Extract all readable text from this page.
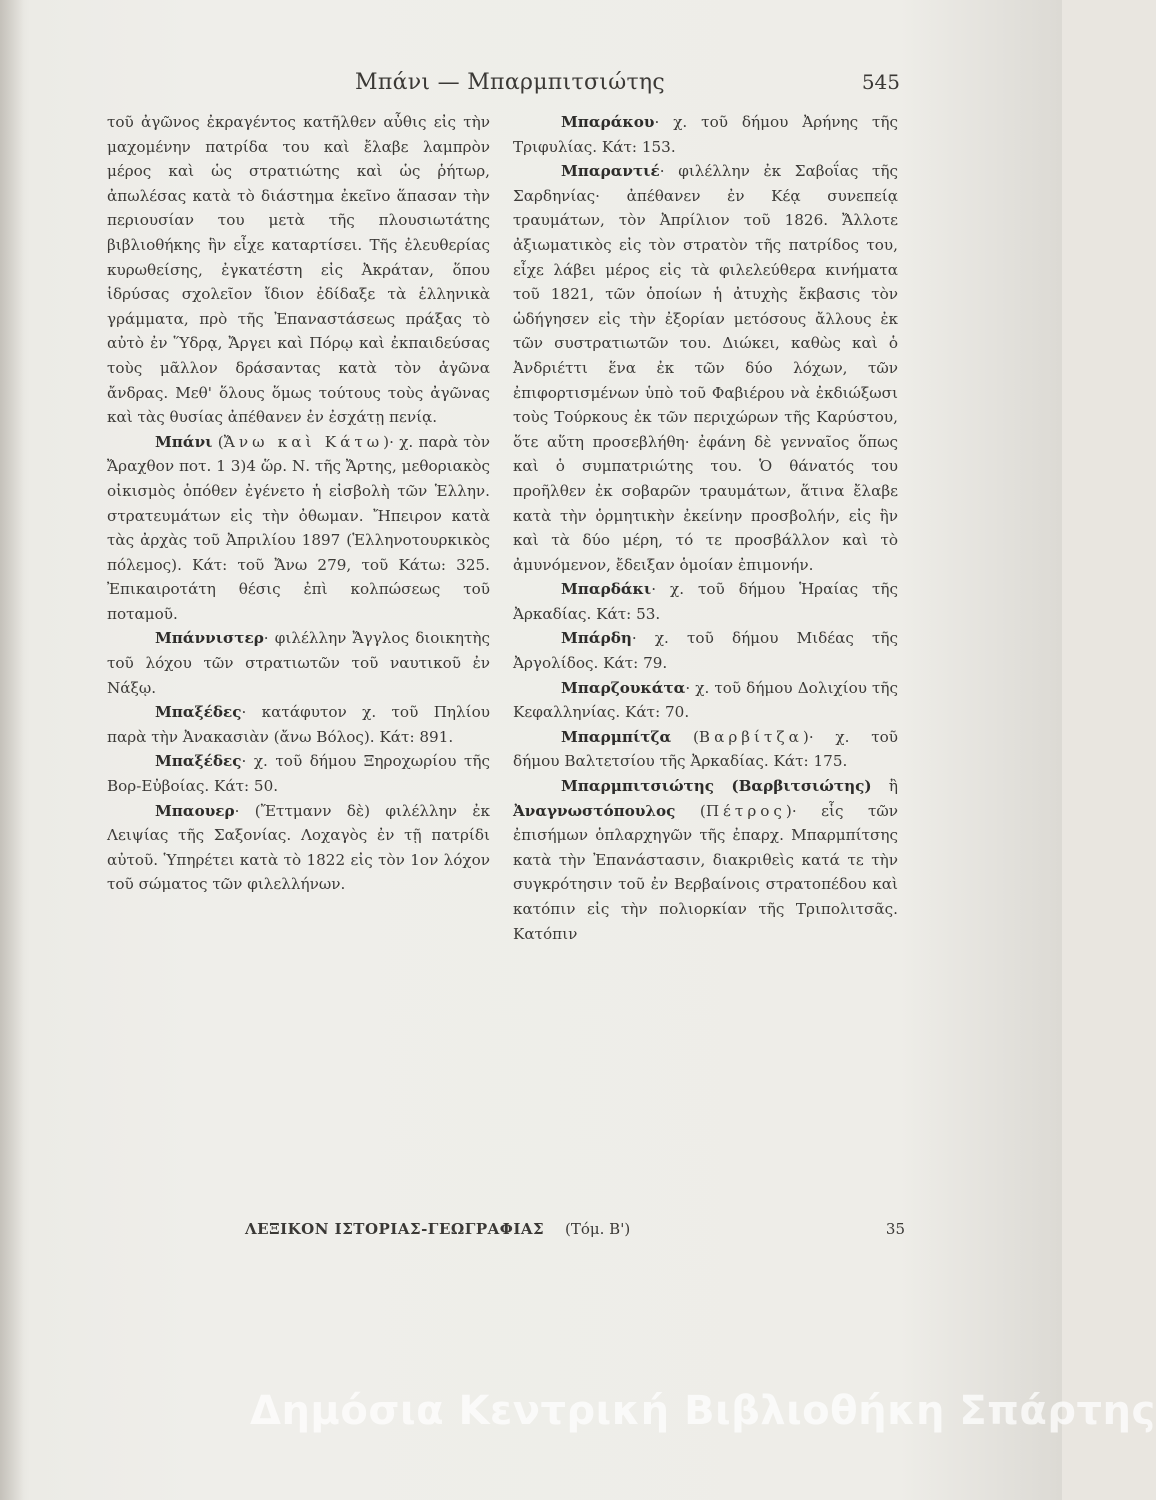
Μπάνι — Μπαρμπιτσιώτης	545

τοῦ ἀγῶνος ἐκραγέντος κατῆλθεν αὖθις εἰς τὴν μαχομένην πατρίδα του καὶ ἔλαβε λαμπρὸν μέρος καὶ ὡς στρατιώτης καὶ ὡς ῥήτωρ, ἀπωλέσας κατὰ τὸ διάστημα ἐκεῖνο ἅπασαν τὴν περιουσίαν του μετὰ τῆς πλουσιωτάτης βιβλιοθήκης ἣν εἶχε καταρτίσει. Τῆς ἐλευθερίας κυρωθείσης, ἐγκατέστη εἰς Ἀκράταν, ὅπου ἱδρύσας σχολεῖον ἴδιον ἐδίδαξε τὰ ἑλληνικὰ γράμματα, πρὸ τῆς Ἐπαναστάσεως πράξας τὸ αὐτὸ ἐν Ὕδρᾳ, Ἄργει καὶ Πόρῳ καὶ ἐκπαιδεύσας τοὺς μᾶλλον δράσαντας κατὰ τὸν ἀγῶνα ἄνδρας. Μεθ' ὅλους ὅμως τούτους τοὺς ἀγῶνας καὶ τὰς θυσίας ἀπέθανεν ἐν ἐσχάτῃ πενίᾳ.

Μπάνι (Ἄνω καὶ Κάτω)· χ. παρὰ τὸν Ἄραχθον ποτ. 1 3)4 ὥρ. Ν. τῆς Ἄρτης, μεθοριακὸς οἰκισμὸς ὁπόθεν ἐγένετο ἡ εἰσβολὴ τῶν Ἑλλην. στρατευμάτων εἰς τὴν ὀθωμαν. Ἤπειρον κατὰ τὰς ἀρχὰς τοῦ Ἀπριλίου 1897 (Ἑλληνοτουρκικὸς πόλεμος). Κάτ: τοῦ Ἄνω 279, τοῦ Κάτω: 325. Ἐπικαιροτάτη θέσις ἐπὶ κολπώσεως τοῦ ποταμοῦ.

Μπάννιστερ· φιλέλλην Ἄγγλος διοικητὴς τοῦ λόχου τῶν στρατιωτῶν τοῦ ναυτικοῦ ἐν Νάξῳ.

Μπαξέδες· κατάφυτον χ. τοῦ Πηλίου παρὰ τὴν Ἀνακασιὰν (ἄνω Βόλος). Κάτ: 891.

Μπαξέδες· χ. τοῦ δήμου Ξηροχωρίου τῆς Βορ-Εὐβοίας. Κάτ: 50.

Μπαουερ· (Ἔττμανν δὲ) φιλέλλην ἐκ Λειψίας τῆς Σαξονίας. Λοχαγὸς ἐν τῇ πατρίδι αὐτοῦ. Ὑπηρέτει κατὰ τὸ 1822 εἰς τὸν 1ον λόχον τοῦ σώματος τῶν φιλελλήνων.

Μπαράκου· χ. τοῦ δήμου Ἀρήνης τῆς Τριφυλίας. Κάτ: 153.

Μπαραντιέ· φιλέλλην ἐκ Σαβοΐας τῆς Σαρδηνίας· ἀπέθανεν ἐν Κέᾳ συνεπείᾳ τραυμάτων, τὸν Ἀπρίλιον τοῦ 1826. Ἄλλοτε ἀξιωματικὸς εἰς τὸν στρατὸν τῆς πατρίδος του, εἶχε λάβει μέρος εἰς τὰ φιλελεύθερα κινήματα τοῦ 1821, τῶν ὁποίων ἡ ἀτυχὴς ἔκβασις τὸν ὡδήγησεν εἰς τὴν ἐξορίαν μετόσους ἄλλους ἐκ τῶν συστρατιωτῶν του. Διώκει, καθὼς καὶ ὁ Ἀνδριέττι ἕνα ἐκ τῶν δύο λόχων, τῶν ἐπιφορτισμένων ὑπὸ τοῦ Φαβιέρου νὰ ἐκδιώξωσι τοὺς Τούρκους ἐκ τῶν περιχώρων τῆς Καρύστου, ὅτε αὕτη προσεβλήθη· ἐφάνη δὲ γενναῖος ὅπως καὶ ὁ συμπατριώτης του. Ὁ θάνατός του προῆλθεν ἐκ σοβαρῶν τραυμάτων, ἅτινα ἔλαβε κατὰ τὴν ὁρμητικὴν ἐκείνην προσβολήν, εἰς ἣν καὶ τὰ δύο μέρη, τό τε προσβάλλον καὶ τὸ ἀμυνόμενον, ἔδειξαν ὁμοίαν ἐπιμονήν.

Μπαρδάκι· χ. τοῦ δήμου Ἡραίας τῆς Ἀρκαδίας. Κάτ: 53.

Μπάρδη· χ. τοῦ δήμου Μιδέας τῆς Ἀργολίδος. Κάτ: 79.

Μπαρζουκάτα· χ. τοῦ δήμου Δολιχίου τῆς Κεφαλληνίας. Κάτ: 70.

Μπαρμπίτζα (Βαρβίτζα)· χ. τοῦ δήμου Βαλτετσίου τῆς Ἀρκαδίας. Κάτ: 175.

Μπαρμπιτσιώτης (Βαρβιτσιώτης) ἢ Ἀναγνωστόπουλος (Πέτρος)· εἷς τῶν ἐπισήμων ὁπλαρχηγῶν τῆς ἐπαρχ. Μπαρμπίτσης κατὰ τὴν Ἐπανάστασιν, διακριθεὶς κατά τε τὴν συγκρότησιν τοῦ ἐν Βερβαίνοις στρατοπέδου καὶ κατόπιν εἰς τὴν πολιορκίαν τῆς Τριπολιτσᾶς. Κατόπιν

ΛΕΞΙΚΟΝ ΙΣΤΟΡΙΑΣ-ΓΕΩΓΡΑΦΙΑΣ (Τόμ. Β')	35
Δημόσια Κεντρική Βιβλιοθήκη Σπάρτης
